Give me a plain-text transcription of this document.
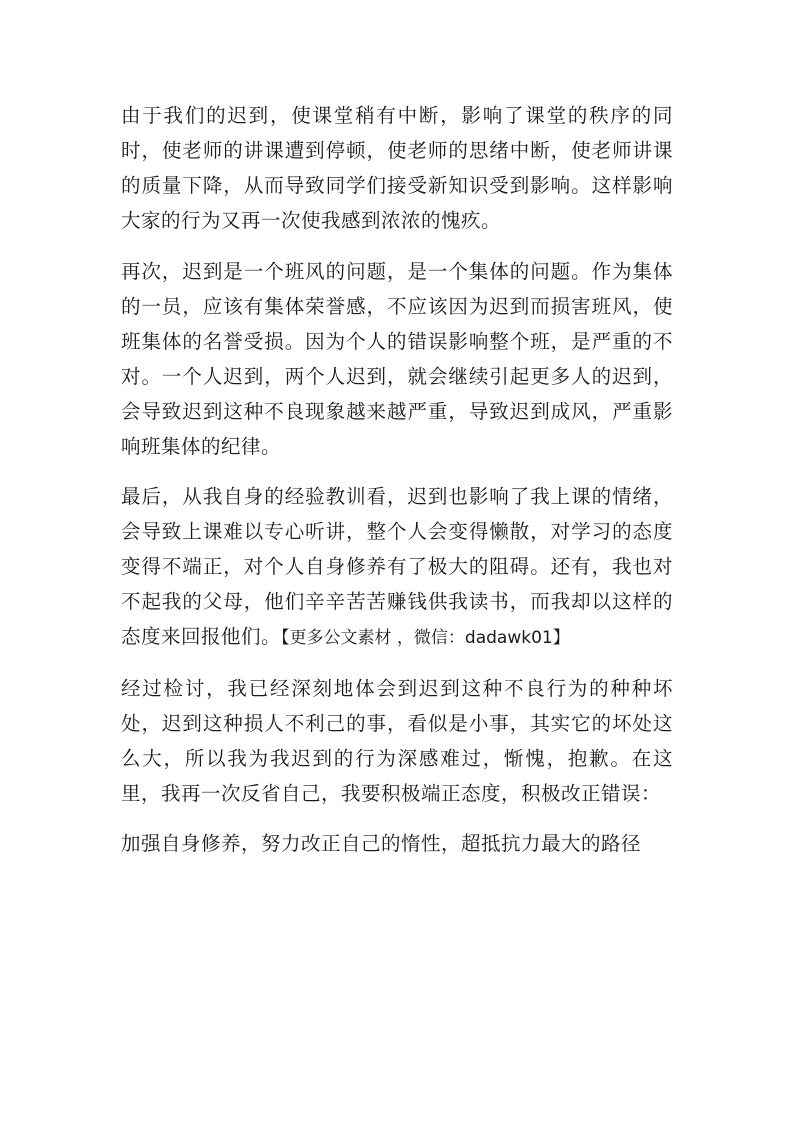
由于我们的迟到，使课堂稍有中断，影响了课堂的秩序的同时，使老师的讲课遭到停顿，使老师的思绪中断，使老师讲课的质量下降，从而导致同学们接受新知识受到影响。这样影响大家的行为又再一次使我感到浓浓的愧疚。

再次，迟到是一个班风的问题，是一个集体的问题。作为集体的一员，应该有集体荣誉感，不应该因为迟到而损害班风，使班集体的名誉受损。因为个人的错误影响整个班，是严重的不对。一个人迟到，两个人迟到，就会继续引起更多人的迟到，会导致迟到这种不良现象越来越严重，导致迟到成风，严重影响班集体的纪律。

最后，从我自身的经验教训看，迟到也影响了我上课的情绪，会导致上课难以专心听讲，整个人会变得懒散，对学习的态度变得不端正，对个人自身修养有了极大的阻碍。还有，我也对不起我的父母，他们辛辛苦苦赚钱供我读书，而我却以这样的态度来回报他们。【更多公文素材 ，微信：dadawk01】

经过检讨，我已经深刻地体会到迟到这种不良行为的种种坏处，迟到这种损人不利己的事，看似是小事，其实它的坏处这么大，所以我为我迟到的行为深感难过，惭愧，抱歉。在这里，我再一次反省自己，我要积极端正态度，积极改正错误：

加强自身修养，努力改正自己的惰性，超抵抗力最大的路径
